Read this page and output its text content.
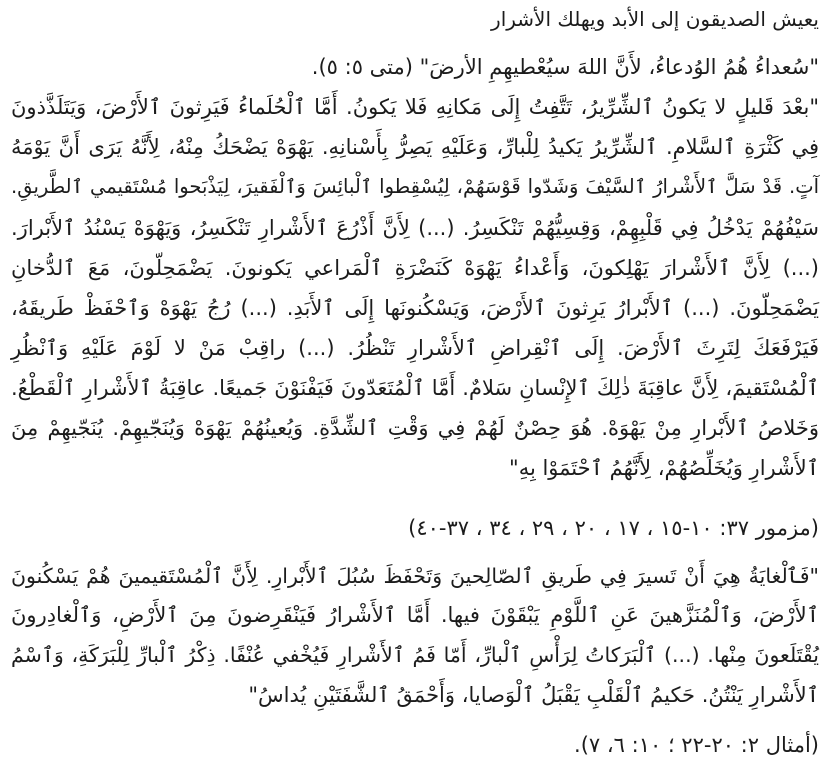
يعيش الصديقون إلى الأبد ويهلك الأشرار
"سُعداءُ هُمُ الوُدعاءُ، لأَنَّ اللهَ سيُعْطيهِمِ الأرضَ" (متى ٥: ٥).
"بعْدَ قَليلٍ لا يَكونُ ٱلشِّرِّيرُ، تَتَّفِتُ إِلَى مَكانِهِ فَلا يَكونُ. أَمَّا ٱلْحُلَماءُ فَيَرِثونَ ٱلأَرْضَ، وَيَتَلَذَّذونَ
فِي كَثْرَةِ ٱلسَّلامِ. ٱلشِّرِّيرُ يَكيدُ لِلْبارِّ، وَعَلَيْهِ يَصِرُّ بِأَسْنانِهِ. يَهْوَهْ يَضْحَكُ مِنْهُ، لِأَنَّهُ يَرَى أَنَّ يَوْمَهُ
آتٍ. قَدْ سَلَّ ٱلأَشْرارُ ٱلسَّيْفَ وَشَدّوا قَوْسَهُمْ، لِيُسْقِطوا ٱلْبائِسَ وَٱلْفَقيرَ، لِيَذْبَحوا مُسْتَقيمي ٱلطَّريقِ.
سَيْفُهُمْ يَدْخُلُ فِي قَلْبِهِمْ، وَقِسِيُّهُمْ تَنْكَسِرُ. (...) لِأَنَّ أَذْرُعَ ٱلأَشْرارِ تَنْكَسِرُ، وَيَهْوَهْ يَسْنُدُ ٱلأَبْرارَ.
(...) لِأَنَّ ٱلأَشْرارَ يَهْلِكونَ، وَأَعْداءُ يَهْوَهْ كَنَضْرَةِ ٱلْمَراعي يَكونونَ. يَضْمَحِلّونَ، مَعَ ٱلدُّخانِ
يَضْمَحِلّونَ. (...) ٱلأَبْرارُ يَرِثونَ ٱلأَرْضَ، وَيَسْكُنونَها إِلَى ٱلأَبَدِ. (...) رُجُ يَهْوَهْ وَٱحْفَظْ طَريقَهُ،
فَيَرْفَعَكَ لِتَرِثَ ٱلأَرْضَ. إِلَى ٱنْقِراضِ ٱلأَشْرارِ تَنْظُرُ. (...) راقِبْ مَنْ لا لَوْمَ عَلَيْهِ وَٱنْظُرِ
ٱلْمُسْتَقيمَ، لِأَنَّ عاقِبَةَ ذٰلِكَ ٱلإِنْسانِ سَلامٌ. أَمَّا ٱلْمُتَعَدّونَ فَيَفْنَوْنَ جَميعًا. عاقِبَةُ ٱلأَشْرارِ ٱلْقَطْعُ.
وَخَلاصُ ٱلأَبْرارِ مِنْ يَهْوَهْ. هُوَ حِصْنٌ لَهُمْ فِي وَقْتِ ٱلشِّدَّةِ. وَيُعينُهُمْ يَهْوَهْ وَيُنَجّيهِمْ. يُنَجّيهِمْ مِنَ
ٱلأَشْرارِ وَيُخَلِّصُهُمْ، لِأَنَّهُمُ ٱحْتَمَوْا بِهِ"
(مزمور ٣٧: ١٠-١٥ ، ١٧ ، ٢٠ ، ٢٩ ، ٣٤ ، ٣٧-٤٠)
"فَٱلْغايَةُ هِيَ أَنْ تَسيرَ فِي طَريقِ ٱلصّالِحينَ وَتَحْفَظَ سُبُلَ ٱلأَبْرارِ. لِأَنَّ ٱلْمُسْتَقيمينَ هُمْ يَسْكُنونَ
ٱلأَرْضَ، وَٱلْمُنَزَّهينَ عَنِ ٱللَّوْمِ يَبْقَوْنَ فيها. أَمَّا ٱلأَشْرارُ فَيَنْقَرِضونَ مِنَ ٱلأَرْضِ، وَٱلْغادِرونَ
يُقْتَلَعونَ مِنْها. (...) ٱلْبَرَكاتُ لِرَأْسِ ٱلْبارِّ، أَمّا فَمُ ٱلأَشْرارِ فَيُخْفي عُنْفًا. ذِكْرُ ٱلْبارِّ لِلْبَرَكَةِ، وَٱسْمُ
ٱلأَشْرارِ يَنْتُنُ. حَكيمُ ٱلْقَلْبِ يَقْبَلُ ٱلْوَصايا، وَأَحْمَقُ ٱلشَّفَتَيْنِ يُداسُ"
(أمثال ٢: ٢٠-٢٢ ؛ ١٠: ٦، ٧).
